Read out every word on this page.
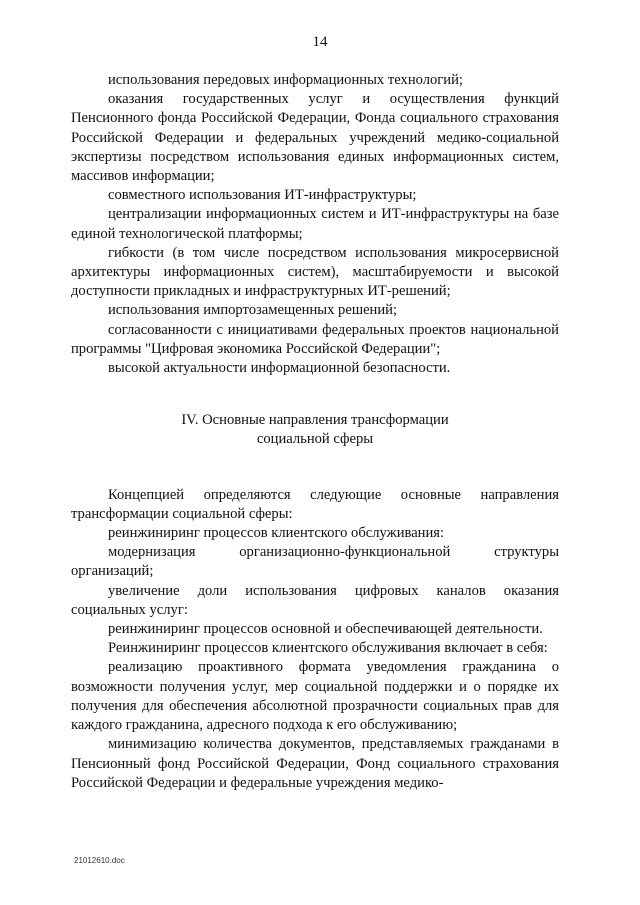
14

использования передовых информационных технологий;

оказания государственных услуг и осуществления функций Пенсионного фонда Российской Федерации, Фонда социального страхования Российской Федерации и федеральных учреждений медико-социальной экспертизы посредством использования единых информационных систем, массивов информации;

совместного использования ИТ-инфраструктуры;

централизации информационных систем и ИТ-инфраструктуры на базе единой технологической платформы;

гибкости (в том числе посредством использования микросервисной архитектуры информационных систем), масштабируемости и высокой доступности прикладных и инфраструктурных ИТ-решений;

использования импортозамещенных решений;

согласованности с инициативами федеральных проектов национальной программы "Цифровая экономика Российской Федерации";

высокой актуальности информационной безопасности.

IV. Основные направления трансформации
социальной сферы

Концепцией определяются следующие основные направления трансформации социальной сферы:

реинжиниринг процессов клиентского обслуживания:

модернизация организационно-функциональной структуры организаций;

увеличение доли использования цифровых каналов оказания социальных услуг:

реинжиниринг процессов основной и обеспечивающей деятельности.

Реинжиниринг процессов клиентского обслуживания включает в себя:

реализацию проактивного формата уведомления гражданина о возможности получения услуг, мер социальной поддержки и о порядке их получения для обеспечения абсолютной прозрачности социальных прав для каждого гражданина, адресного подхода к его обслуживанию;

минимизацию количества документов, представляемых гражданами в Пенсионный фонд Российской Федерации, Фонд социального страхования Российской Федерации и федеральные учреждения медико-

21012610.doc
